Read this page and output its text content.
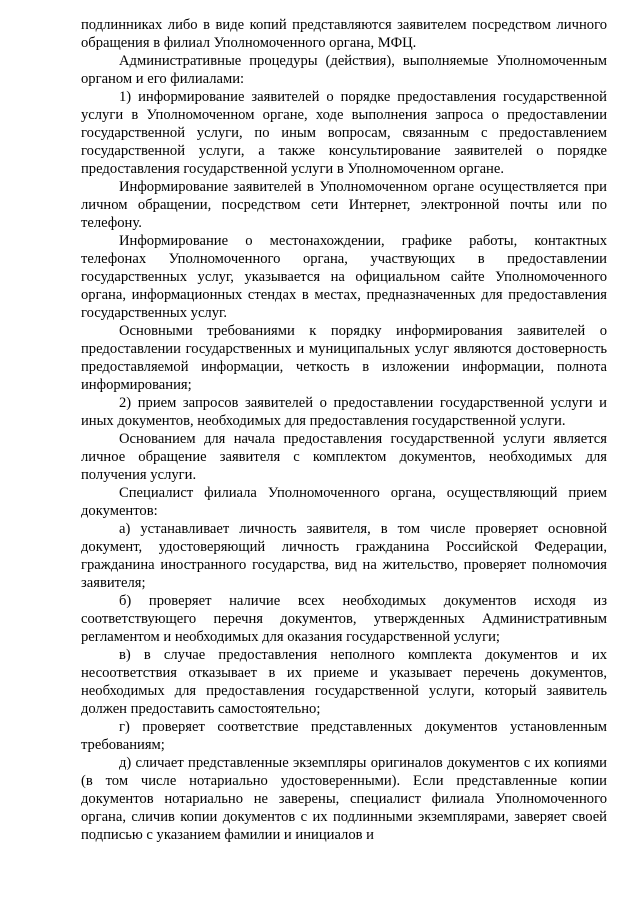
подлинниках либо в виде копий представляются заявителем посредством личного обращения в филиал Уполномоченного органа, МФЦ.

Административные процедуры (действия), выполняемые Уполномоченным органом и его филиалами:

1) информирование заявителей о порядке предоставления государственной услуги в Уполномоченном органе, ходе выполнения запроса о предоставлении государственной услуги, по иным вопросам, связанным с предоставлением государственной услуги, а также консультирование заявителей о порядке предоставления государственной услуги в Уполномоченном органе.

Информирование заявителей в Уполномоченном органе осуществляется при личном обращении, посредством сети Интернет, электронной почты или по телефону.

Информирование о местонахождении, графике работы, контактных телефонах Уполномоченного органа, участвующих в предоставлении государственных услуг, указывается на официальном сайте Уполномоченного органа, информационных стендах в местах, предназначенных для предоставления государственных услуг.

Основными требованиями к порядку информирования заявителей о предоставлении государственных и муниципальных услуг являются достоверность предоставляемой информации, четкость в изложении информации, полнота информирования;

2) прием запросов заявителей о предоставлении государственной услуги и иных документов, необходимых для предоставления государственной услуги.

Основанием для начала предоставления государственной услуги является личное обращение заявителя с комплектом документов, необходимых для получения услуги.

Специалист филиала Уполномоченного органа, осуществляющий прием документов:

а) устанавливает личность заявителя, в том числе проверяет основной документ, удостоверяющий личность гражданина Российской Федерации, гражданина иностранного государства, вид на жительство, проверяет полномочия заявителя;

б) проверяет наличие всех необходимых документов исходя из соответствующего перечня документов, утвержденных Административным регламентом и необходимых для оказания государственной услуги;

в) в случае предоставления неполного комплекта документов и их несоответствия отказывает в их приеме и указывает перечень документов, необходимых для предоставления государственной услуги, который заявитель должен предоставить самостоятельно;

г) проверяет соответствие представленных документов установленным требованиям;

д) сличает представленные экземпляры оригиналов документов с их копиями (в том числе нотариально удостоверенными). Если представленные копии документов нотариально не заверены, специалист филиала Уполномоченного органа, сличив копии документов с их подлинными экземплярами, заверяет своей подписью с указанием фамилии и инициалов и
